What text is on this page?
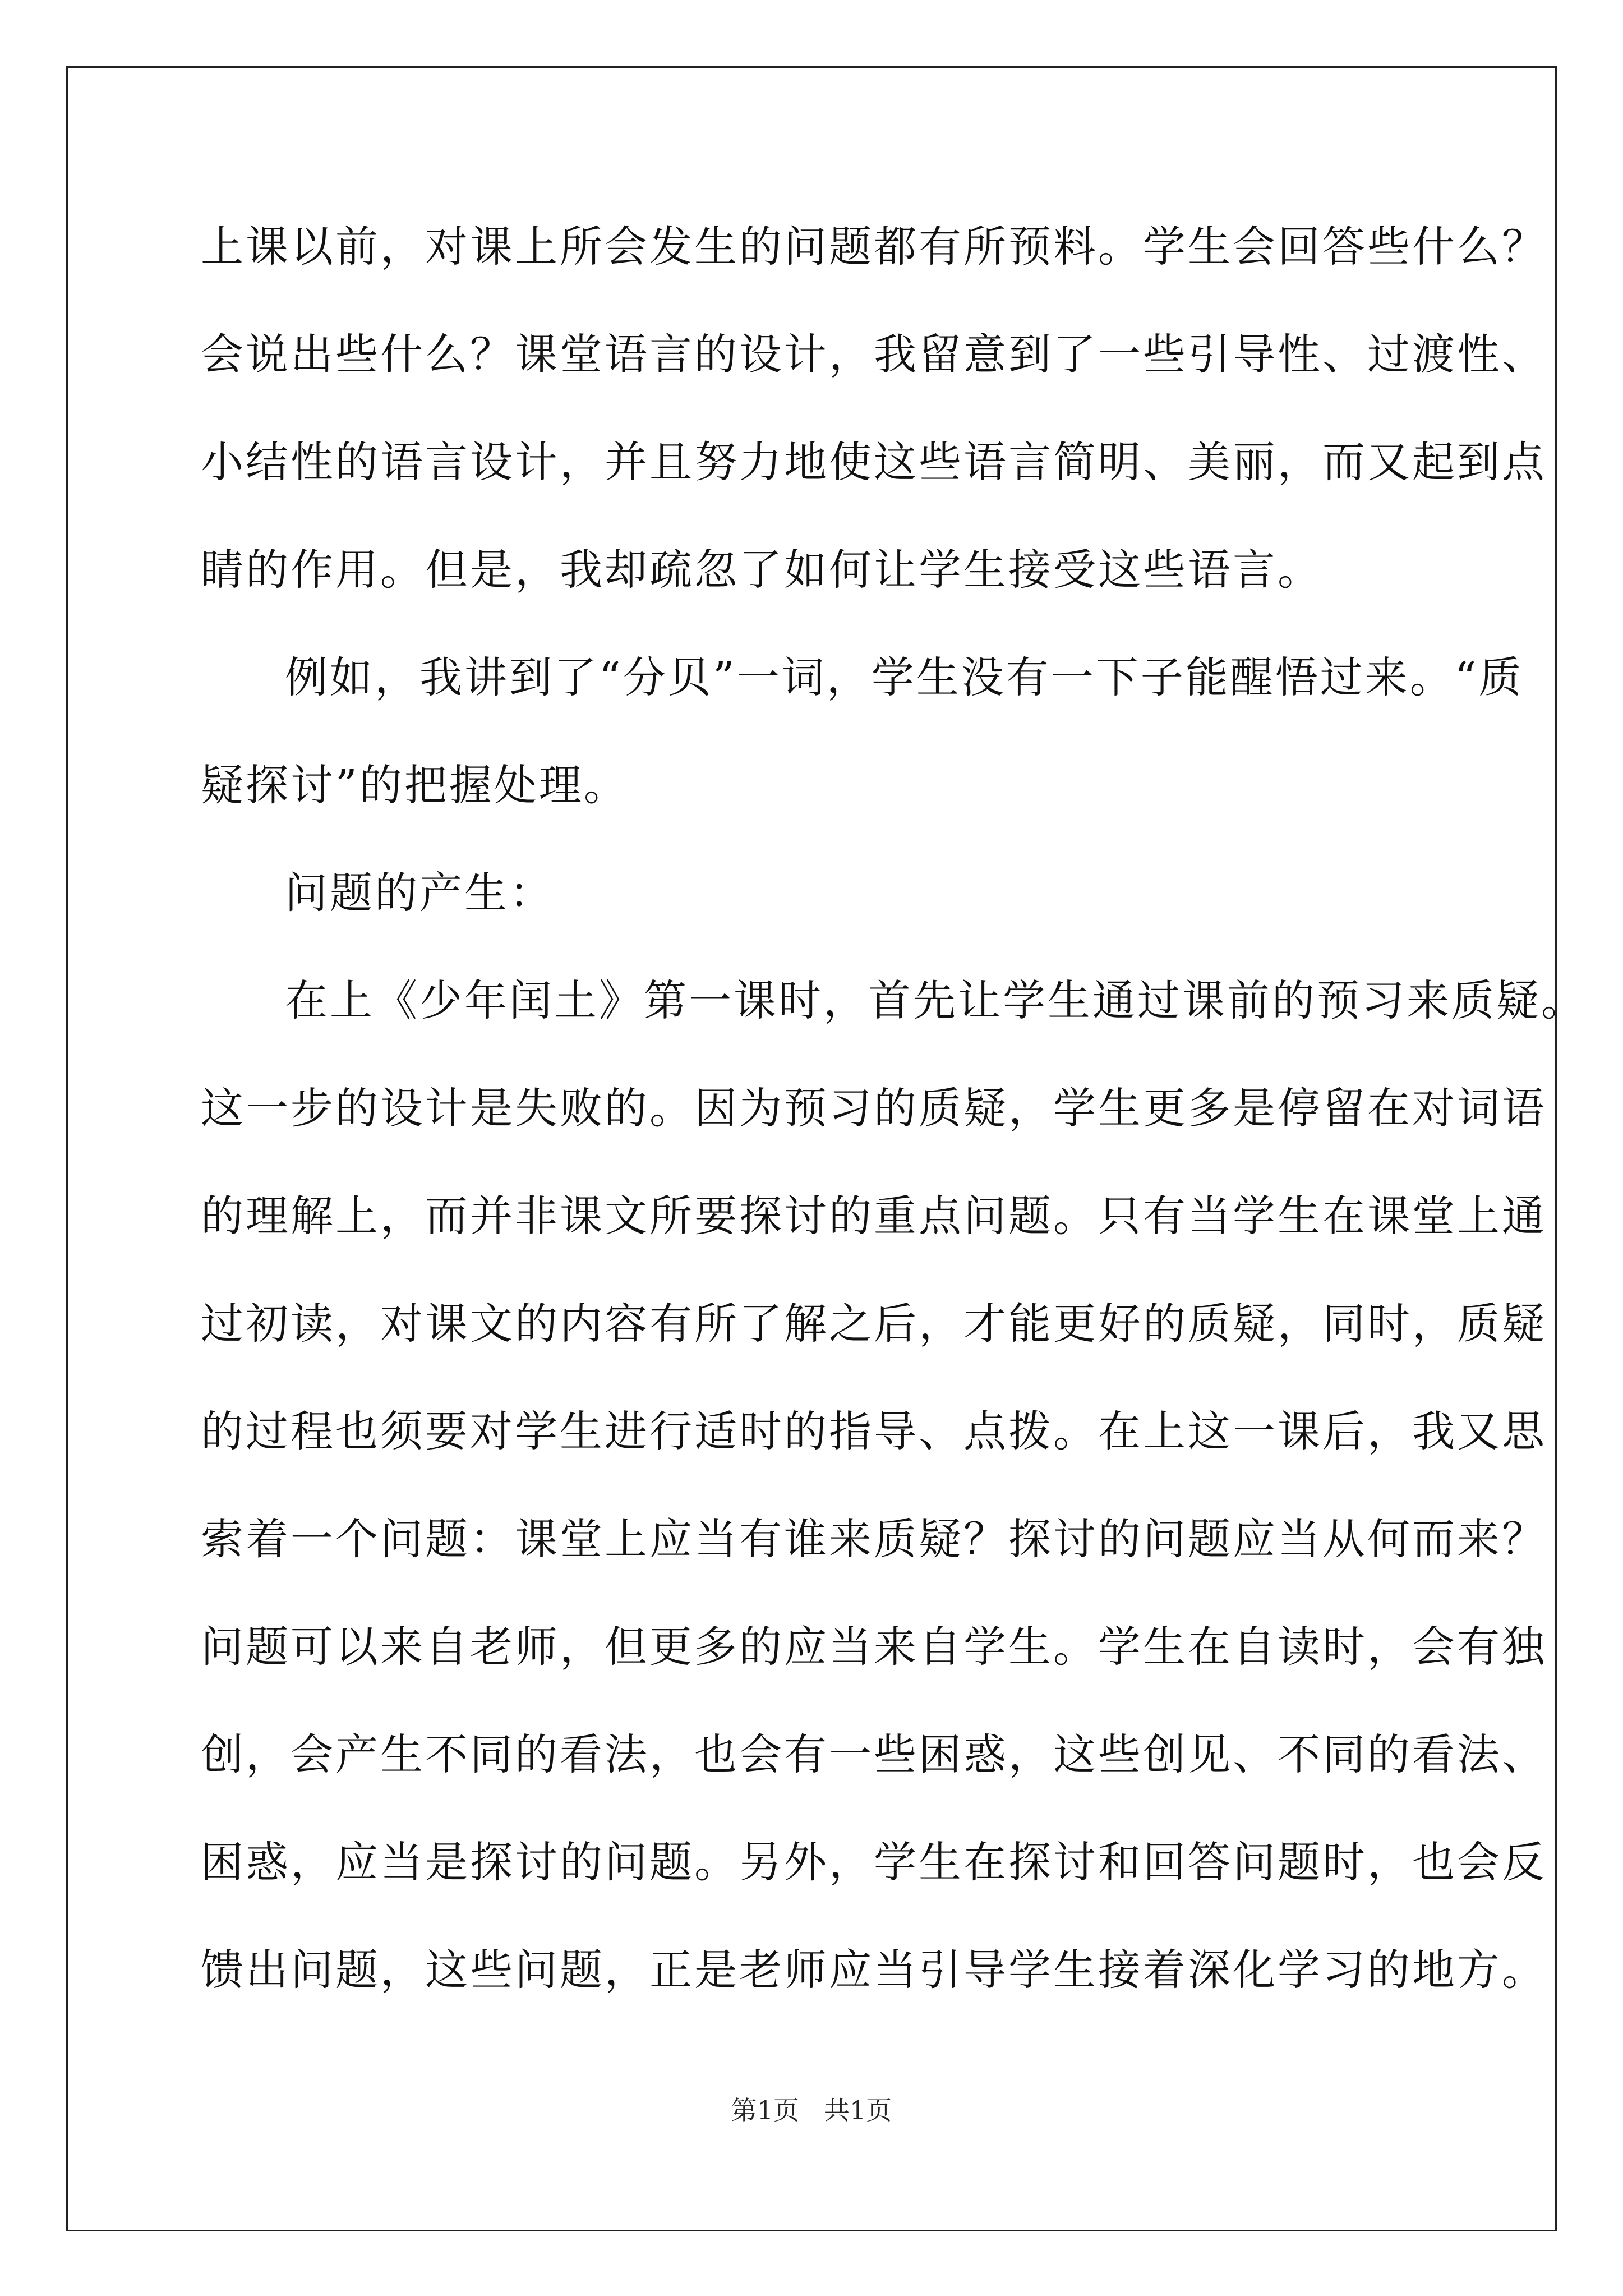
上课以前，对课上所会发生的问题都有所预料。学生会回答些什么？
会说出些什么？课堂语言的设计，我留意到了一些引导性、过渡性、
小结性的语言设计，并且努力地使这些语言简明、美丽，而又起到点
睛的作用。但是，我却疏忽了如何让学生接受这些语言。
例如，我讲到了“分贝”一词，学生没有一下子能醒悟过来。“质
疑探讨”的把握处理。
问题的产生：
在上《少年闰土》第一课时，首先让学生通过课前的预习来质疑。
这一步的设计是失败的。因为预习的质疑，学生更多是停留在对词语
的理解上，而并非课文所要探讨的重点问题。只有当学生在课堂上通
过初读，对课文的内容有所了解之后，才能更好的质疑，同时，质疑
的过程也须要对学生进行适时的指导、点拨。在上这一课后，我又思
索着一个问题：课堂上应当有谁来质疑？探讨的问题应当从何而来？
问题可以来自老师，但更多的应当来自学生。学生在自读时，会有独
创，会产生不同的看法，也会有一些困惑，这些创见、不同的看法、
困惑，应当是探讨的问题。另外，学生在探讨和回答问题时，也会反
馈出问题，这些问题，正是老师应当引导学生接着深化学习的地方。
第1页 共1页
